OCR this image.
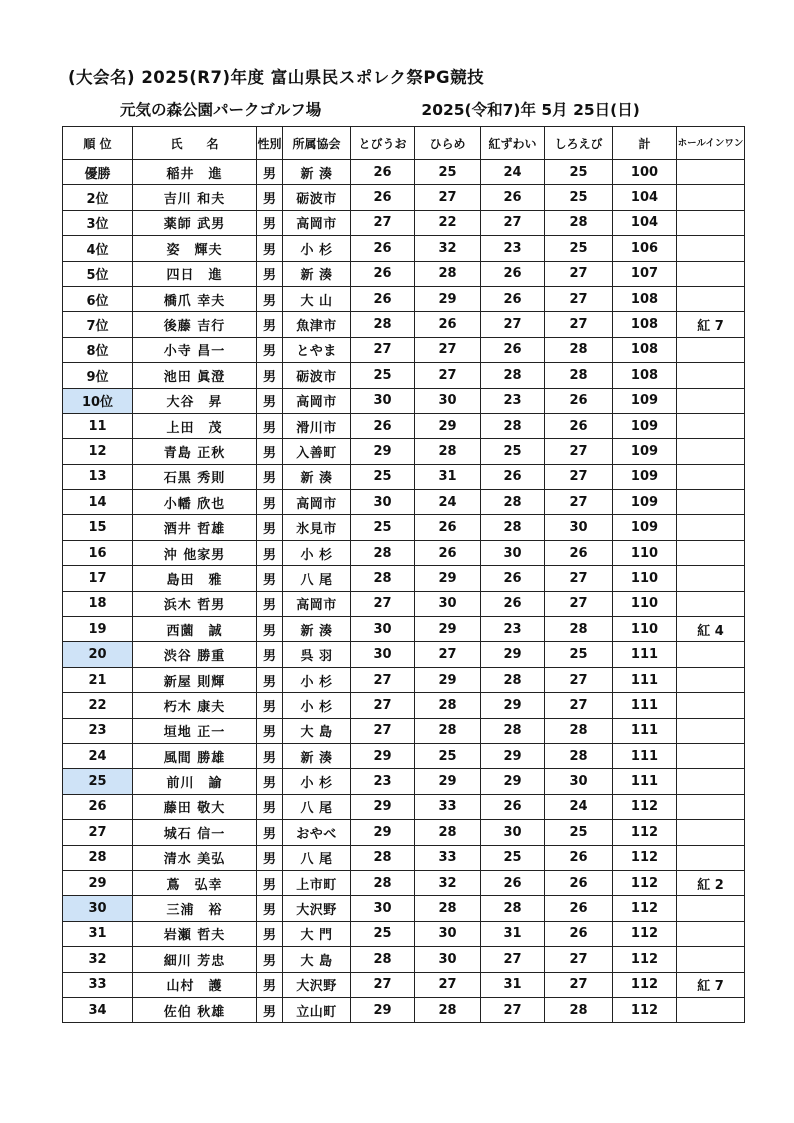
(大会名) 2025(R7)年度 富山県民スポレク祭PG競技
元気の森公園パークゴルフ場	2025(令和7)年 5月 25日(日)
順 位	氏　　名	性別	所属協会	とびうお	ひらめ	紅ずわい	しろえび	計	ホールインワン
優勝	稲井　進	男	新 湊	26	25	24	25	100	
2位	吉川 和夫	男	砺波市	26	27	26	25	104	
3位	薬師 武男	男	高岡市	27	22	27	28	104	
4位	姿　輝夫	男	小 杉	26	32	23	25	106	
5位	四日　進	男	新 湊	26	28	26	27	107	
6位	橋爪 幸夫	男	大 山	26	29	26	27	108	
7位	後藤 吉行	男	魚津市	28	26	27	27	108	紅 7
8位	小寺 昌一	男	とやま	27	27	26	28	108	
9位	池田 眞澄	男	砺波市	25	27	28	28	108	
10位	大谷　昇	男	高岡市	30	30	23	26	109	
11	上田　茂	男	滑川市	26	29	28	26	109	
12	青島 正秋	男	入善町	29	28	25	27	109	
13	石黒 秀則	男	新 湊	25	31	26	27	109	
14	小幡 欣也	男	高岡市	30	24	28	27	109	
15	酒井 哲雄	男	氷見市	25	26	28	30	109	
16	沖 他家男	男	小 杉	28	26	30	26	110	
17	島田　雅	男	八 尾	28	29	26	27	110	
18	浜木 哲男	男	高岡市	27	30	26	27	110	
19	西薗　誠	男	新 湊	30	29	23	28	110	紅 4
20	渋谷 勝重	男	呉 羽	30	27	29	25	111	
21	新屋 則輝	男	小 杉	27	29	28	27	111	
22	朽木 康夫	男	小 杉	27	28	29	27	111	
23	垣地 正一	男	大 島	27	28	28	28	111	
24	風間 勝雄	男	新 湊	29	25	29	28	111	
25	前川　諭	男	小 杉	23	29	29	30	111	
26	藤田 敬大	男	八 尾	29	33	26	24	112	
27	城石 信一	男	おやべ	29	28	30	25	112	
28	清水 美弘	男	八 尾	28	33	25	26	112	
29	蔦　弘幸	男	上市町	28	32	26	26	112	紅 2
30	三浦　裕	男	大沢野	30	28	28	26	112	
31	岩瀬 哲夫	男	大 門	25	30	31	26	112	
32	細川 芳忠	男	大 島	28	30	27	27	112	
33	山村　護	男	大沢野	27	27	31	27	112	紅 7
34	佐伯 秋雄	男	立山町	29	28	27	28	112	
